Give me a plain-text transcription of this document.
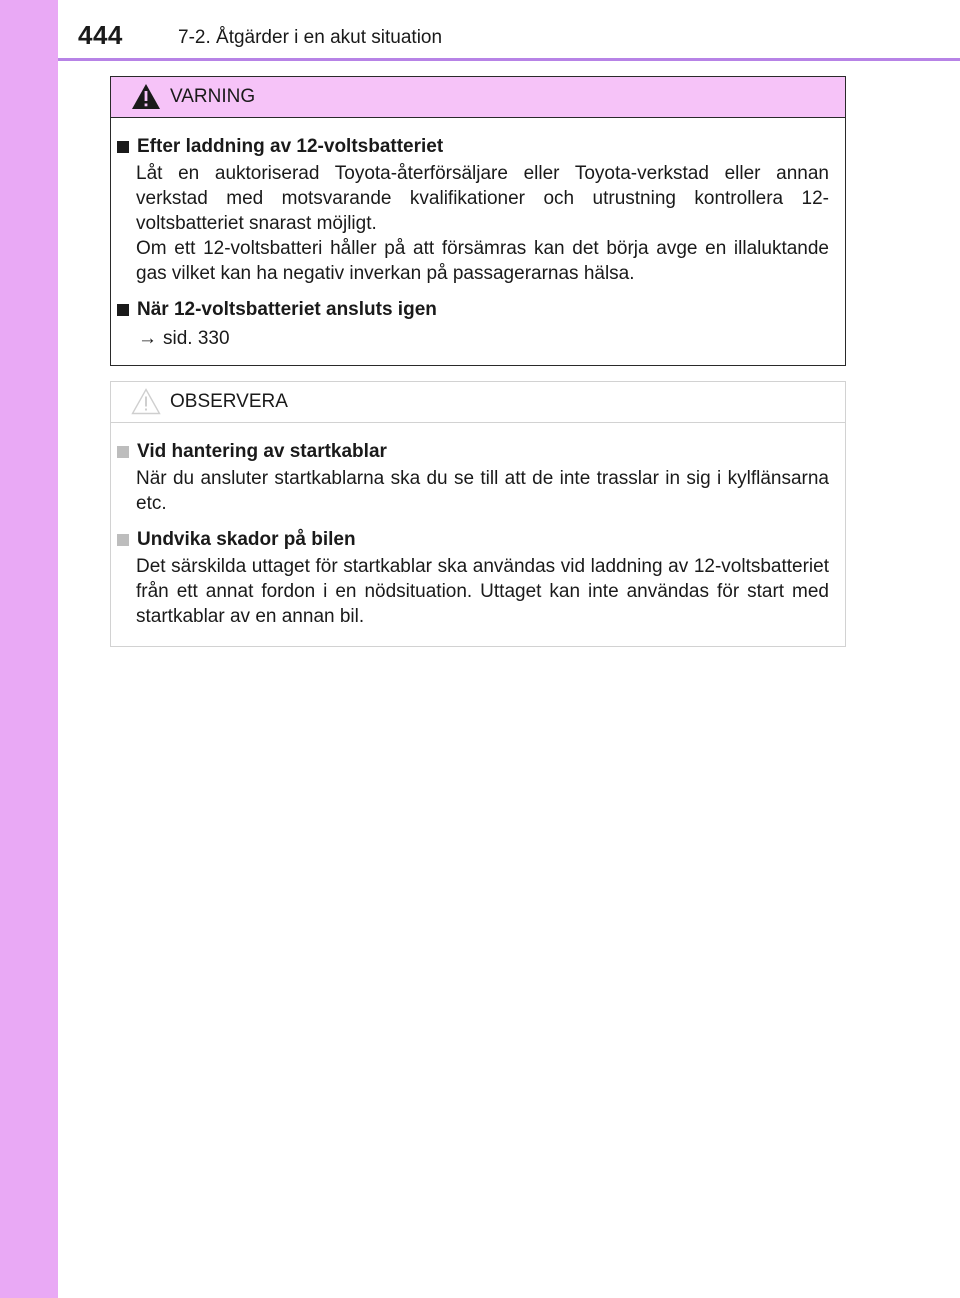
444	7-2. Åtgärder i en akut situation
VARNING
Efter laddning av 12-voltsbatteriet
Låt en auktoriserad Toyota-återförsäljare eller Toyota-verkstad eller annan verkstad med motsvarande kvalifikationer och utrustning kontrollera 12-voltsbatteriet snarast möjligt.
Om ett 12-voltsbatteri håller på att försämras kan det börja avge en illaluktande gas vilket kan ha negativ inverkan på passagerarnas hälsa.
När 12-voltsbatteriet ansluts igen
→ sid. 330
OBSERVERA
Vid hantering av startkablar
När du ansluter startkablarna ska du se till att de inte trasslar in sig i kylflänsarna etc.
Undvika skador på bilen
Det särskilda uttaget för startkablar ska användas vid laddning av 12-voltsbatteriet från ett annat fordon i en nödsituation. Uttaget kan inte användas för start med startkablar av en annan bil.
